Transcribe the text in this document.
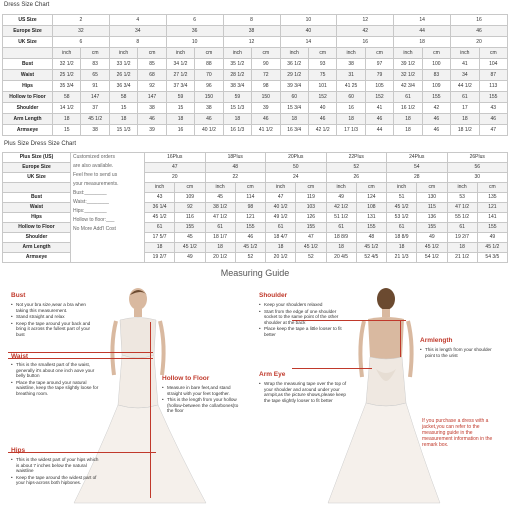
Dress Size Chart
US Size	2		4		6		8		10		12		14		16	
Europe Size	32		34		36		38		40		42		44		46	
UK Size	6		8		10		12		14		16		18		20	
	inch	cm	inch	cm	inch	cm	inch	cm	inch	cm	inch	cm	inch	cm	inch	cm
Bust	32 1/2	83	33 1/2	85	34 1/2	88	35 1/2	90	36 1/2	93	38	97	39 1/2	100	41	104
Waist	25 1/2	65	26 1/2	68	27 1/2	70	28 1/2	72	29 1/2	75	31	79	32 1/2	83	34	87
Hips	35 3/4	91	36 3/4	92	37 3/4	96	38 3/4	98	39 3/4	101	41 25	105	42 3/4	109	44 1/2	113
Hollow to Floor	58	147	58	147	59	150	59	150	60	152	60	152	61	155	61	155
Shoulder	14 1/2	37	15	38	15	38	15 1/3	39	15 3/4	40	16	41	16 1/2	42	17	43
Arm Length	18	45 1/2	18	46	18	46	18	46	18	46	18	46	18	46	18	46
Armseye	15	38	15 1/3	39	16	40 1/2	16 1/3	41 1/2	16 3/4	42 1/2	17 1/3	44	18	46	18 1/2	47
Plus Size Dress Size Chart
Plus Size (US)		16Plus		18Plus		20Plus		22Plus		24Plus		26Plus	
Europe Size		47		48		50		52		54		56	
UK Size		20		22		24		26		28		30	
		inch	cm	inch	cm	inch	cm	inch	cm	inch	cm	inch	cm
Bust		43	109	45	114	47	119	49	124	51	130	53	135
Waist		36 1/4	92	38 1/2	98	40 1/2	103	42 1/2	108	45 1/2	115	47 1/2	121
Hips		45 1/2	116	47 1/2	121	49 1/2	126	51 1/2	131	53 1/2	136	55 1/2	141
Hollow to Floor		61	155	61	155	61	155	61	155	61	155	61	155
Shoulder		17 5/7	45	18 1/7	46	18 4/7	47	18 8/9	48	18 8/9	49	19 2/7	49
Arm Length		18	45 1/2	18	45 1/2	18	45 1/2	18	45 1/2	18	45 1/2	18	45 1/2
Armseye		19 2/7	49	20 1/2	52	20 1/2	52	20 4/5	52 4/5	21 1/3	54 1/2	21 1/2	54 3/5
Customized orders
are also available.
Feel free to send us
your measurements.
Bust:________
Waist:________
Hips:________
Hollow to floor:___
No More Add'l Cost
Measuring Guide
Bust

• Not your bra size,wear a bra when taking this measurement.

• Stand straight and relax

• Keep the tape around your back and bring it across the fullest part of your bust

Waist

• This is the smallest part of the waist, generally it's about one inch aove your belly button

• Place the tape around your natural waistline, keep the tape slightly loose for breathing room.

Hips

• This is the widest part of your hips which is about 7 inches below the natural waistline

• Keep the tape around the widest part of your hips-across both hipbones.

Hollow to Floor

• Measure in bare feet,and stand straight with your feet together.

• This is the length from your hollow (hollow-between the collarbones)to the floor

Shoulder

• Keep your shoulders relaxed

• Start from the edge of one shoulder socket to the same point of the other shoulder at the back

• Place keep the tape a little looser to fit better

Arm Eye

• Wrap the measuring tape over the top of your shoulder and around under your armpit,as the picture shows,please keep the tape slightly looser to fit better

Armlength

• This is length from your shoulder point to the urist

If you purchase a dress with a jacket,you can refer to the measuring guide in the measurement information in the remark box.
